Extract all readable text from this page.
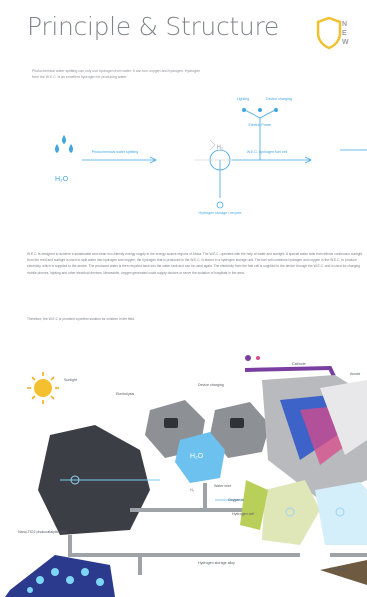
Principle & Structure	N
E
W
Photochemical water splitting can only use hydrogen from water; it can turn oxygen and hydrogen. Hydrogen from the W.E.C. is an excellent hydrogen for producing water.
H₂O
Photochemical water splitting	W.E.C. hydrogen fuel cell
Hydrogen storage / recycle
Lighting	Device charging
Electric Power
H₂
W.E.C. is designed to achieve a sustainable and clean eco-friendly energy supply in the energy-scarce regions of Africa. The W.E.C. operates with the help of water and sunlight. A special water tank that reflects continuous sunlight from the reed and sunlight is used to split water into hydrogen and oxygen; the hydrogen that is produced in the W.E.C. is stored in a hydrogen storage unit. The fuel cell combines hydrogen and oxygen in the W.E.C. to produce electricity, which is supplied to the device. The produced water is then recycled back into the water tank and can be used again. The electricity from the fuel cell is supplied to the device through the W.E.C. and is used for charging mobile phones, lighting and other electrical devices. Meanwhile, oxygen generated could supply doctors or serve the isolation of hospitals in the area.
Therefore, the W.E.C is provided a perfect solution for children in the field.
Sunlight
Electrolysis
Device charging
Cathode
Anode
H₂O
Water inlet
H₂
Oxygen in
Hydrogen cell
Nano-TiO2 photocatalytic cells
Hydrogen storage alloy
Electrolyte
